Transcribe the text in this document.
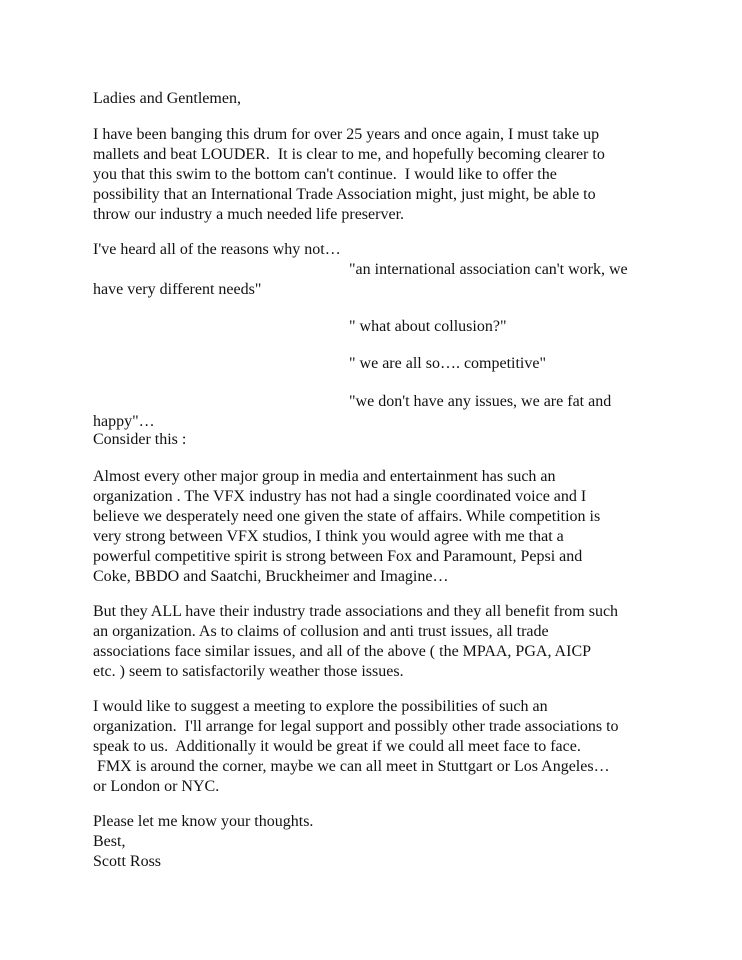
Ladies and Gentlemen,
I have been banging this drum for over 25 years and once again, I must take up
mallets and beat LOUDER.  It is clear to me, and hopefully becoming clearer to
you that this swim to the bottom can't continue.  I would like to offer the
possibility that an International Trade Association might, just might, be able to
throw our industry a much needed life preserver.
I've heard all of the reasons why not…
"an international association can't work, we
have very different needs"
" what about collusion?"
" we are all so…. competitive"
"we don't have any issues, we are fat and
happy"…
Consider this :
Almost every other major group in media and entertainment has such an
organization . The VFX industry has not had a single coordinated voice and I
believe we desperately need one given the state of affairs. While competition is
very strong between VFX studios, I think you would agree with me that a
powerful competitive spirit is strong between Fox and Paramount, Pepsi and
Coke, BBDO and Saatchi, Bruckheimer and Imagine…
But they ALL have their industry trade associations and they all benefit from such
an organization. As to claims of collusion and anti trust issues, all trade
associations face similar issues, and all of the above ( the MPAA, PGA, AICP
etc. ) seem to satisfactorily weather those issues.
I would like to suggest a meeting to explore the possibilities of such an
organization.  I'll arrange for legal support and possibly other trade associations to
speak to us.  Additionally it would be great if we could all meet face to face.
FMX is around the corner, maybe we can all meet in Stuttgart or Los Angeles…
or London or NYC.
Please let me know your thoughts.
Best,
Scott Ross
